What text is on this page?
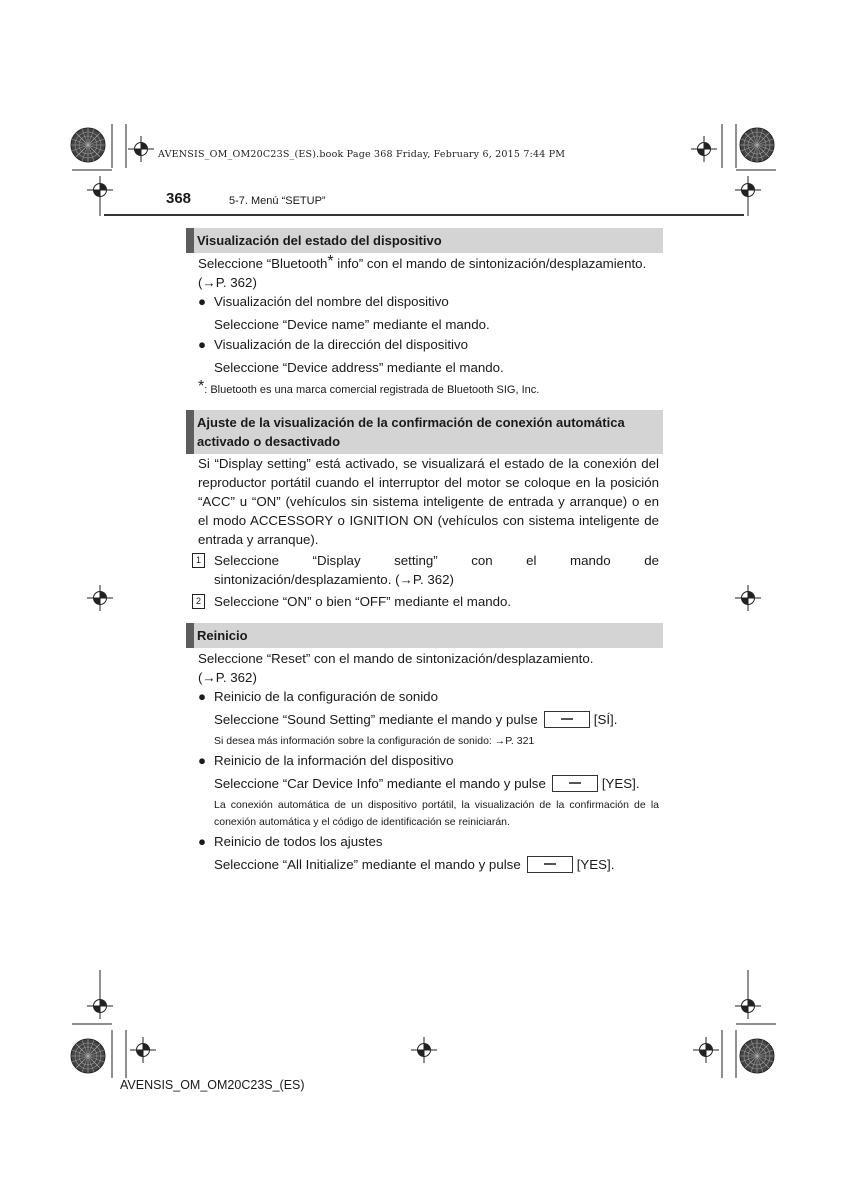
AVENSIS_OM_OM20C23S_(ES).book Page 368 Friday, February 6, 2015 7:44 PM
368	5-7. Menú “SETUP”
Visualización del estado del dispositivo
Seleccione “Bluetooth* info” con el mando de sintonización/desplazamiento.
(→P. 362)
● Visualización del nombre del dispositivo
Seleccione “Device name” mediante el mando.
● Visualización de la dirección del dispositivo
Seleccione “Device address” mediante el mando.
*: Bluetooth es una marca comercial registrada de Bluetooth SIG, Inc.
Ajuste de la visualización de la confirmación de conexión automática activado o desactivado
Si “Display setting” está activado, se visualizará el estado de la conexión del reproductor portátil cuando el interruptor del motor se coloque en la posición “ACC” u “ON” (vehículos sin sistema inteligente de entrada y arranque) o en el modo ACCESSORY o IGNITION ON (vehículos con sistema inteligente de entrada y arranque).
1 Seleccione “Display setting” con el mando de sintonización/desplazamiento. (→P. 362)
2 Seleccione “ON” o bien “OFF” mediante el mando.
Reinicio
Seleccione “Reset” con el mando de sintonización/desplazamiento.
(→P. 362)
● Reinicio de la configuración de sonido
Seleccione “Sound Setting” mediante el mando y pulse	[SÍ].
Si desea más información sobre la configuración de sonido: →P. 321
● Reinicio de la información del dispositivo
Seleccione “Car Device Info” mediante el mando y pulse	[YES].
La conexión automática de un dispositivo portátil, la visualización de la confirmación de la conexión automática y el código de identificación se reiniciarán.
● Reinicio de todos los ajustes
Seleccione “All Initialize” mediante el mando y pulse	[YES].
AVENSIS_OM_OM20C23S_(ES)
